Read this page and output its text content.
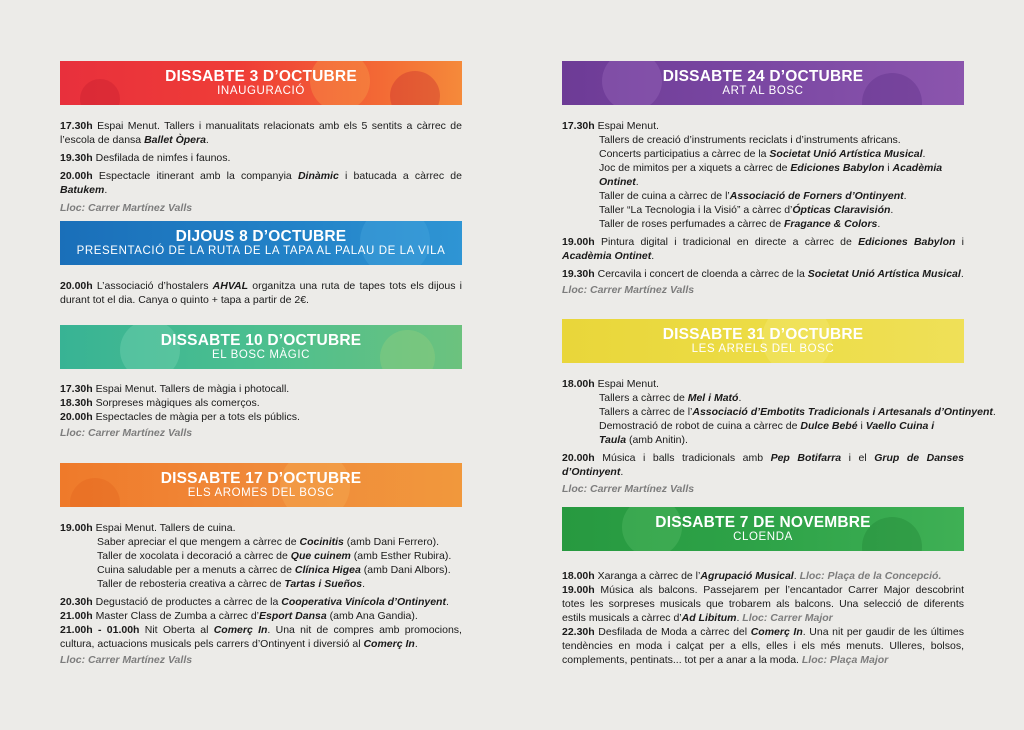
DISSABTE 3 D’OCTUBRE
INAUGURACIÓ
17.30h Espai Menut. Tallers i manualitats relacionats amb els 5 sentits a càrrec de l’escola de dansa Ballet Òpera.
19.30h Desfilada de nimfes i faunos.
20.00h Espectacle itinerant amb la companyia Dinàmic i batucada a càrrec de Batukem.
Lloc: Carrer Martínez Valls
DIJOUS 8 D’OCTUBRE
PRESENTACIÓ DE LA RUTA DE LA TAPA AL PALAU DE LA VILA
20.00h L’associació d’hostalers AHVAL organitza una ruta de tapes tots els dijous i durant tot el dia. Canya o quinto + tapa a partir de 2€.
DISSABTE 10 D’OCTUBRE
EL BOSC MÀGIC
17.30h Espai Menut. Tallers de màgia i photocall.
18.30h Sorpreses màgiques als comerços.
20.00h Espectacles de màgia per a tots els públics.
Lloc: Carrer Martínez Valls
DISSABTE 17 D’OCTUBRE
ELS AROMES DEL BOSC
19.00h Espai Menut. Tallers de cuina.
Saber apreciar el que mengem a càrrec de Cocinitis (amb Dani Ferrero).
Taller de xocolata i decoració a càrrec de Que cuinem (amb Esther Rubira).
Cuina saludable per a menuts a càrrec de Clínica Higea (amb Dani Albors).
Taller de rebosteria creativa a càrrec de Tartas i Sueños.
20.30h Degustació de productes a càrrec de la Cooperativa Vinícola d’Ontinyent.
21.00h Master Class de Zumba a càrrec d’Esport Dansa (amb Ana Gandia).
21.00h - 01.00h Nit Oberta al Comerç In. Una nit de compres amb promocions, cultura, actuacions musicals pels carrers d’Ontinyent i diversió al Comerç In.
Lloc: Carrer Martínez Valls
DISSABTE 24 D’OCTUBRE
ART AL BOSC
17.30h Espai Menut.
Tallers de creació d’instruments reciclats i d’instruments africans.
Concerts participatius a càrrec de la Societat Unió Artística Musical.
Joc de mimitos per a xiquets a càrrec de Ediciones Babylon i Acadèmia Ontinet.
Taller de cuina a càrrec de l’Associació de Forners d’Ontinyent.
Taller “La Tecnologia i la Visió” a càrrec d’Ópticas Claravisión.
Taller de roses perfumades a càrrec de Fragance & Colors.
19.00h Pintura digital i tradicional en directe a càrrec de Ediciones Babylon i Acadèmia Ontinet.
19.30h Cercavila i concert de cloenda a càrrec de la Societat Unió Artística Musical.
Lloc: Carrer Martínez Valls
DISSABTE 31 D’OCTUBRE
LES ARRELS DEL BOSC
18.00h Espai Menut.
Tallers a càrrec de Mel i Mató.
Tallers a càrrec de l’Associació d’Embotits Tradicionals i Artesanals d’Ontinyent.
Demostració de robot de cuina a càrrec de Dulce Bebé i Vaello Cuina i Taula (amb Anitin).
20.00h Música i balls tradicionals amb Pep Botifarra i el Grup de Danses d’Ontinyent.
Lloc: Carrer Martínez Valls
DISSABTE 7 DE NOVEMBRE
CLOENDA
18.00h Xaranga a càrrec de l’Agrupació Musical. Lloc: Plaça de la Concepció.
19.00h Música als balcons. Passejarem per l’encantador Carrer Major descobrint totes les sorpreses musicals que trobarem als balcons. Una selecció de diferents estils musicals a càrrec d’Ad Libitum. Lloc: Carrer Major
22.30h Desfilada de Moda a càrrec del Comerç In. Una nit per gaudir de les últimes tendències en moda i calçat per a ells, elles i els més menuts. Ulleres, bolsos, complements, pentinats... tot per a anar a la moda. Lloc: Plaça Major
